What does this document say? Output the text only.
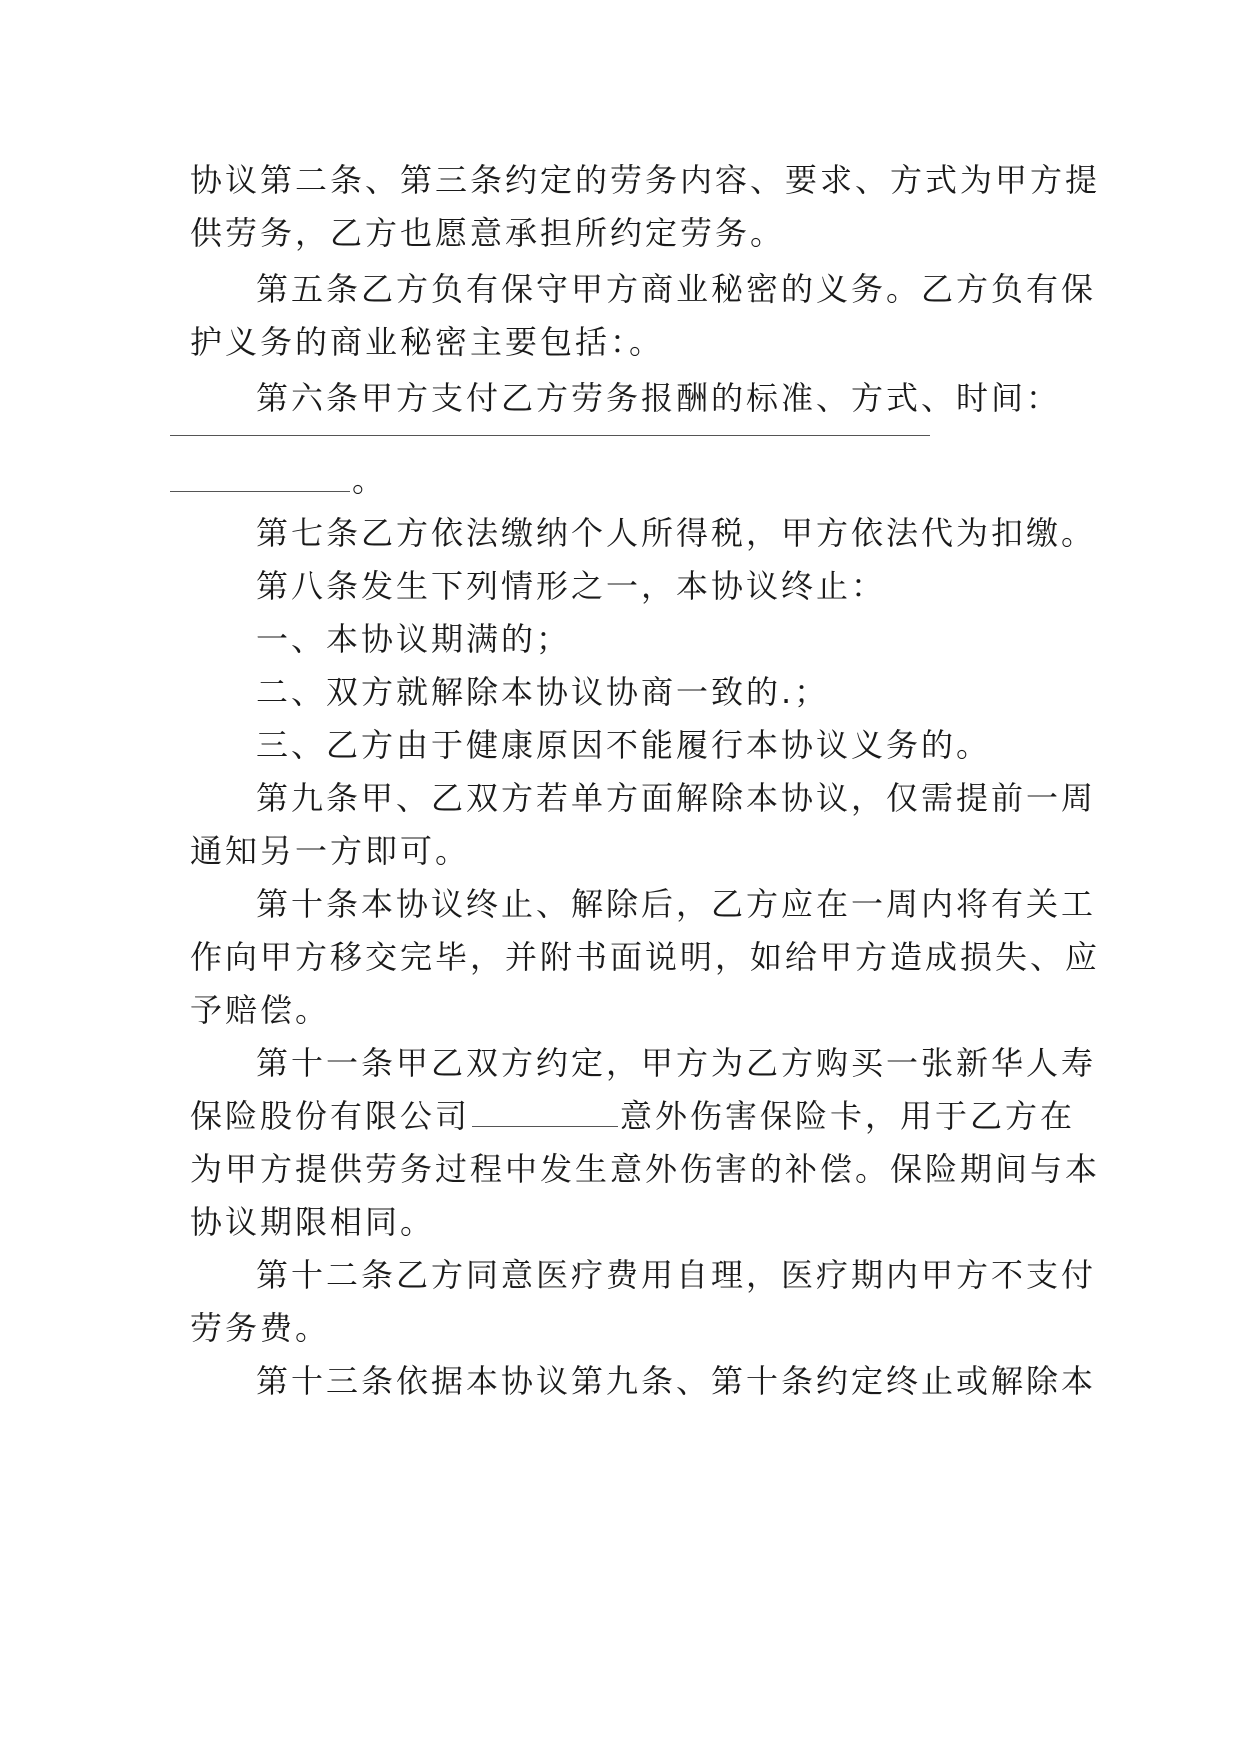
协议第二条、第三条约定的劳务内容、要求、方式为甲方提
供劳务，乙方也愿意承担所约定劳务。
第五条乙方负有保守甲方商业秘密的义务。乙方负有保
护义务的商业秘密主要包括：。
第六条甲方支付乙方劳务报酬的标准、方式、时间：
。
第七条乙方依法缴纳个人所得税，甲方依法代为扣缴。
第八条发生下列情形之一，本协议终止：
一、本协议期满的；
二、双方就解除本协议协商一致的.；
三、乙方由于健康原因不能履行本协议义务的。
第九条甲、乙双方若单方面解除本协议，仅需提前一周
通知另一方即可。
第十条本协议终止、解除后，乙方应在一周内将有关工
作向甲方移交完毕，并附书面说明，如给甲方造成损失、应
予赔偿。
第十一条甲乙双方约定，甲方为乙方购买一张新华人寿
保险股份有限公司	意外伤害保险卡，用于乙方在
为甲方提供劳务过程中发生意外伤害的补偿。保险期间与本
协议期限相同。
第十二条乙方同意医疗费用自理，医疗期内甲方不支付
劳务费。
第十三条依据本协议第九条、第十条约定终止或解除本
